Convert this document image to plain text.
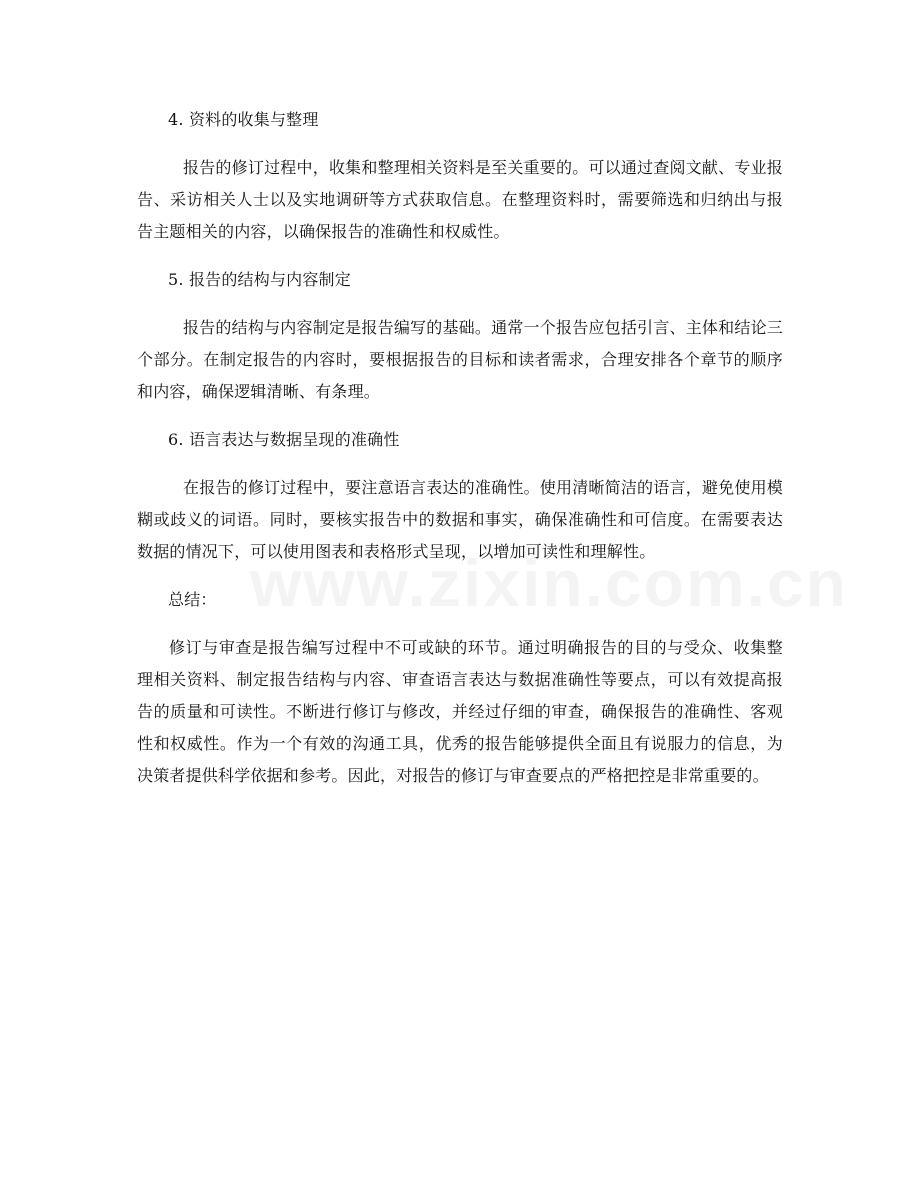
4. 资料的收集与整理

报告的修订过程中，收集和整理相关资料是至关重要的。可以通过查阅文献、专业报告、采访相关人士以及实地调研等方式获取信息。在整理资料时，需要筛选和归纳出与报告主题相关的内容，以确保报告的准确性和权威性。

5. 报告的结构与内容制定

报告的结构与内容制定是报告编写的基础。通常一个报告应包括引言、主体和结论三个部分。在制定报告的内容时，要根据报告的目标和读者需求，合理安排各个章节的顺序和内容，确保逻辑清晰、有条理。

6. 语言表达与数据呈现的准确性

在报告的修订过程中，要注意语言表达的准确性。使用清晰简洁的语言，避免使用模糊或歧义的词语。同时，要核实报告中的数据和事实，确保准确性和可信度。在需要表达数据的情况下，可以使用图表和表格形式呈现，以增加可读性和理解性。

总结：

修订与审查是报告编写过程中不可或缺的环节。通过明确报告的目的与受众、收集整理相关资料、制定报告结构与内容、审查语言表达与数据准确性等要点，可以有效提高报告的质量和可读性。不断进行修订与修改，并经过仔细的审查，确保报告的准确性、客观性和权威性。作为一个有效的沟通工具，优秀的报告能够提供全面且有说服力的信息，为决策者提供科学依据和参考。因此，对报告的修订与审查要点的严格把控是非常重要的。
